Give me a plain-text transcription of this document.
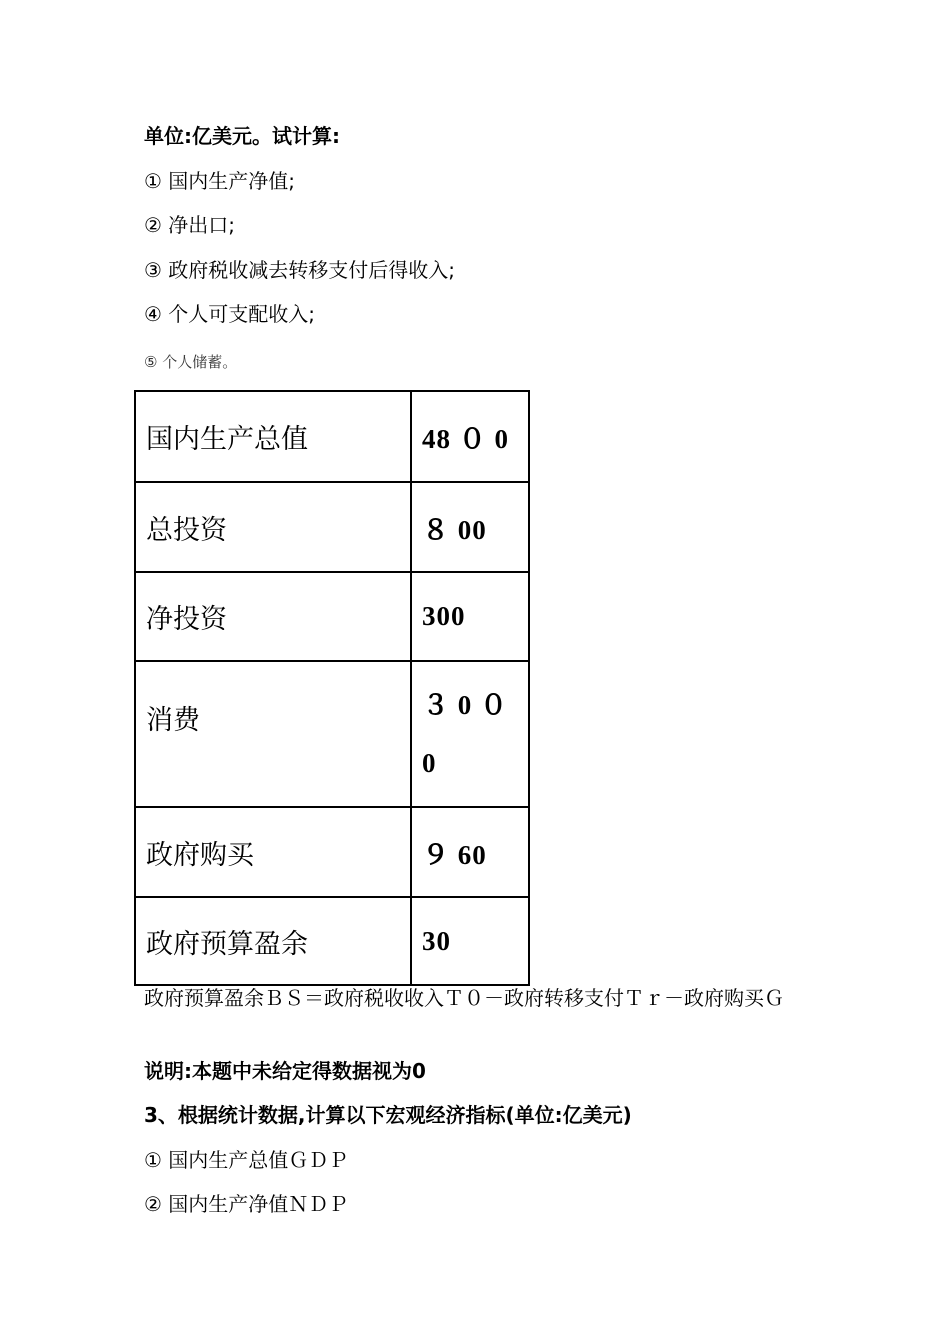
单位:亿美元。试计算:
① 国内生产净值;
② 净出口;
③ 政府税收减去转移支付后得收入;
④ 个人可支配收入;
⑤ 个人储蓄。
国内生产总值	48 ０ 0
总投资	８ 00
净投资	300
消费	３ 0 ０
0

政府购买	９ 60
政府预算盈余	30
政府预算盈余ＢＳ＝政府税收收入Ｔ０－政府转移支付Ｔｒ－政府购买Ｇ
说明:本题中未给定得数据视为0
3、根据统计数据,计算以下宏观经济指标(单位:亿美元)
① 国内生产总值ＧＤＰ
② 国内生产净值ＮＤＰ
